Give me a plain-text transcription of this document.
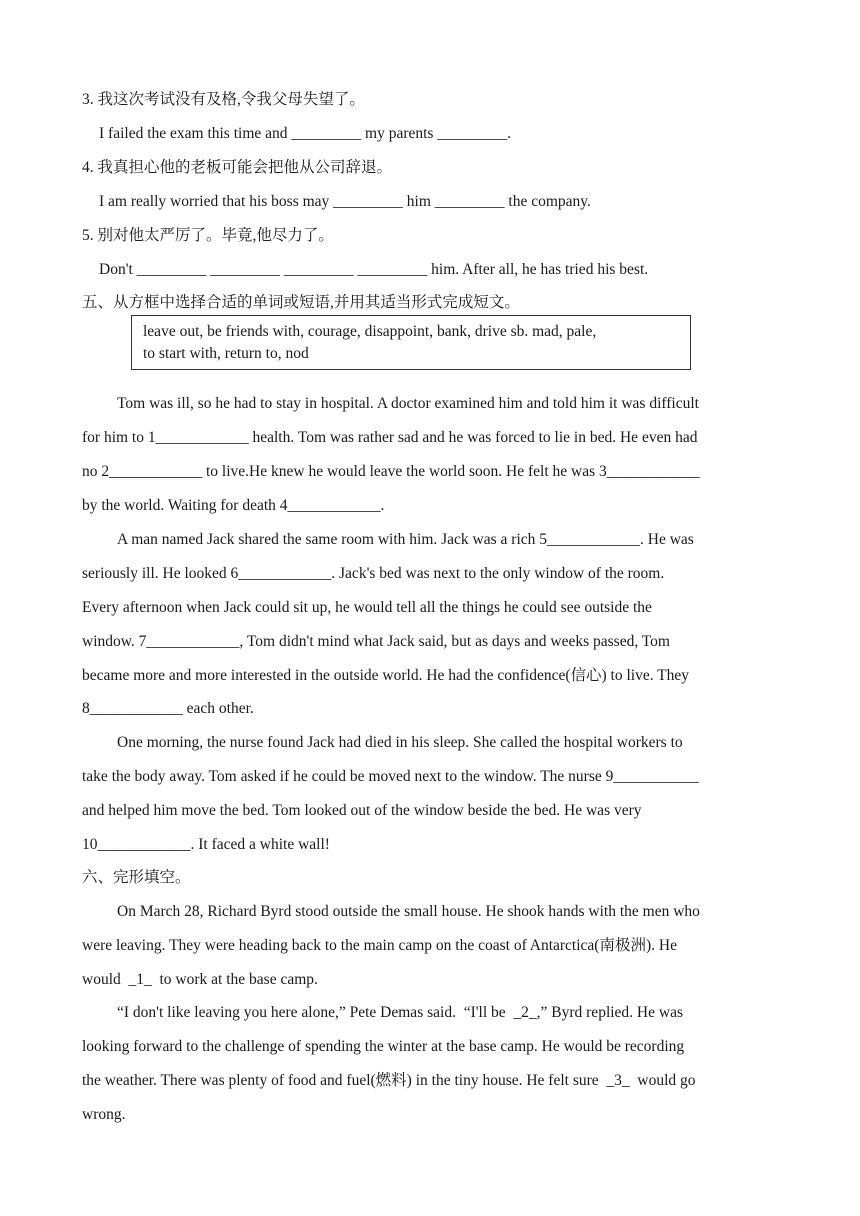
3. 我这次考试没有及格,令我父母失望了。
I failed the exam this time and _________ my parents _________.
4. 我真担心他的老板可能会把他从公司辞退。
I am really worried that his boss may _________ him _________ the company.
5. 别对他太严厉了。毕竟,他尽力了。
Don't _________ _________ _________ _________ him. After all, he has tried his best.
五、从方框中选择合适的单词或短语,并用其适当形式完成短文。
leave out, be friends with, courage, disappoint, bank, drive sb. mad, pale,
to start with, return to, nod
Tom was ill, so he had to stay in hospital. A doctor examined him and told him it was difficult
for him to 1____________ health. Tom was rather sad and he was forced to lie in bed. He even had
no 2____________ to live.He knew he would leave the world soon. He felt he was 3____________
by the world. Waiting for death 4____________.
A man named Jack shared the same room with him. Jack was a rich 5____________. He was
seriously ill. He looked 6____________. Jack's bed was next to the only window of the room.
Every afternoon when Jack could sit up, he would tell all the things he could see outside the
window. 7____________, Tom didn't mind what Jack said, but as days and weeks passed, Tom
became more and more interested in the outside world. He had the confidence(信心) to live. They
8____________ each other.
One morning, the nurse found Jack had died in his sleep. She called the hospital workers to
take the body away. Tom asked if he could be moved next to the window. The nurse 9___________
and helped him move the bed. Tom looked out of the window beside the bed. He was very
10____________. It faced a white wall!
六、完形填空。
On March 28, Richard Byrd stood outside the small house. He shook hands with the men who
were leaving. They were heading back to the main camp on the coast of Antarctica(南极洲). He
would  _1_  to work at the base camp.
“I don't like leaving you here alone,” Pete Demas said.  “I'll be  _2_,” Byrd replied. He was
looking forward to the challenge of spending the winter at the base camp. He would be recording
the weather. There was plenty of food and fuel(燃料) in the tiny house. He felt sure  _3_  would go
wrong.
